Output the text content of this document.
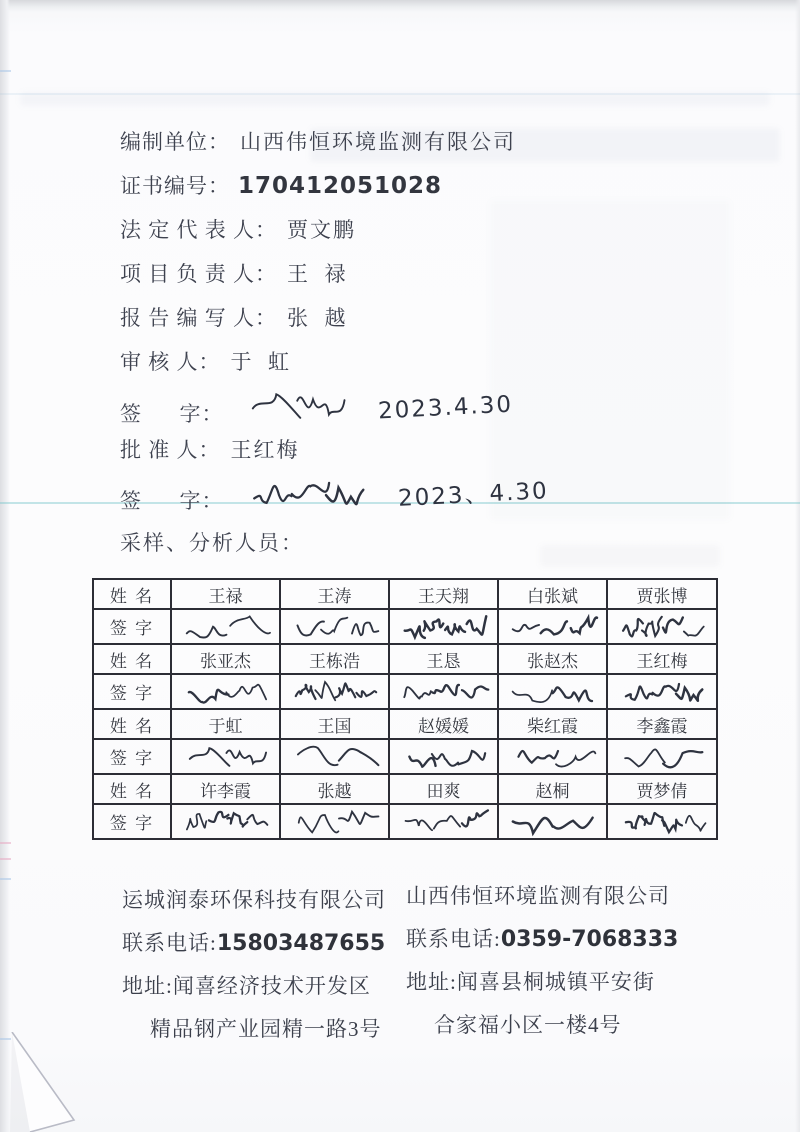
编制单位： 山西伟恒环境监测有限公司
证书编号： 170412051028
法 定 代 表 人： 贾文鹏
项 目 负 责 人： 王  禄
报 告 编 写 人： 张  越
审 核 人： 于  虹
签      字：	2023.4.30
批 准 人： 王红梅
签      字：	2023、4.30
采样、分析人员：
姓 名	王禄	王涛	王天翔	白张斌	贾张博
签 字	

姓 名	张亚杰	王栋浩	王恳	张赵杰	王红梅
签 字	

姓 名	于虹	王国	赵媛媛	柴红霞	李鑫霞
签 字	

姓 名	许李霞	张越	田爽	赵桐	贾梦倩
签 字	

运城润泰环保科技有限公司
联系电话:15803487655
地址:闻喜经济技术开发区
精品钢产业园精一路3号
山西伟恒环境监测有限公司
联系电话:0359-7068333
地址:闻喜县桐城镇平安街
合家福小区一楼4号
